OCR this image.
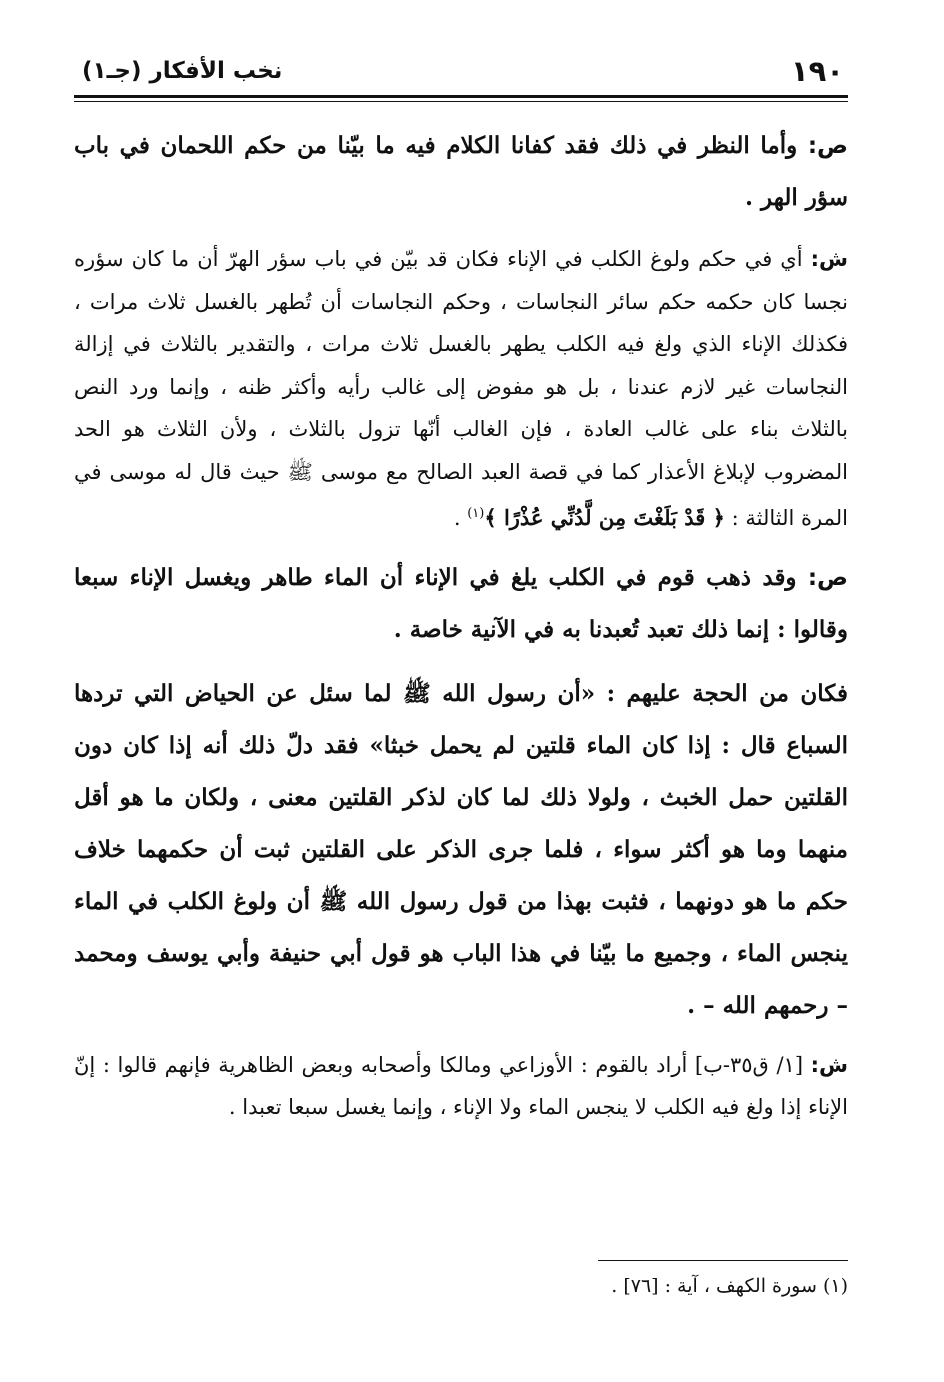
١٩٠
نخب الأفكار (جـ١)

ص: وأما النظر في ذلك فقد كفانا الكلام فيه ما بيّنا من حكم اللحمان في باب سؤر الهر .

ش: أي في حكم ولوغ الكلب في الإناء فكان قد بيّن في باب سؤر الهرّ أن ما كان سؤره نجسا كان حكمه حكم سائر النجاسات ، وحكم النجاسات أن تُطهر بالغسل ثلاث مرات ، فكذلك الإناء الذي ولغ فيه الكلب يطهر بالغسل ثلاث مرات ، والتقدير بالثلاث في إزالة النجاسات غير لازم عندنا ، بل هو مفوض إلى غالب رأيه وأكثر ظنه ، وإنما ورد النص بالثلاث بناء على غالب العادة ، فإن الغالب أنّها تزول بالثلاث ، ولأن الثلاث هو الحد المضروب لإبلاغ الأعذار كما في قصة العبد الصالح مع موسى ﷺ حيث قال له موسى في المرة الثالثة : ﴿ قَدْ بَلَغْتَ مِن لَّدُنِّي عُذْرًا ﴾$^{(١)}$ .

ص: وقد ذهب قوم في الكلب يلغ في الإناء أن الماء طاهر ويغسل الإناء سبعا وقالوا : إنما ذلك تعبد تُعبدنا به في الآنية خاصة .

فكان من الحجة عليهم : «أن رسول الله ﷺ لما سئل عن الحياض التي تردها السباع قال : إذا كان الماء قلتين لم يحمل خبثا» فقد دلّ ذلك أنه إذا كان دون القلتين حمل الخبث ، ولولا ذلك لما كان لذكر القلتين معنى ، ولكان ما هو أقل منهما وما هو أكثر سواء ، فلما جرى الذكر على القلتين ثبت أن حكمهما خلاف حكم ما هو دونهما ، فثبت بهذا من قول رسول الله ﷺ أن ولوغ الكلب في الماء ينجس الماء ، وجميع ما بيّنا في هذا الباب هو قول أبي حنيفة وأبي يوسف ومحمد – رحمهم الله – .

ش: [١/ ق٣٥-ب] أراد بالقوم : الأوزاعي ومالكا وأصحابه وبعض الظاهرية فإنهم قالوا : إنّ الإناء إذا ولغ فيه الكلب لا ينجس الماء ولا الإناء ، وإنما يغسل سبعا تعبدا .

(١) سورة الكهف ، آية : [٧٦] .
